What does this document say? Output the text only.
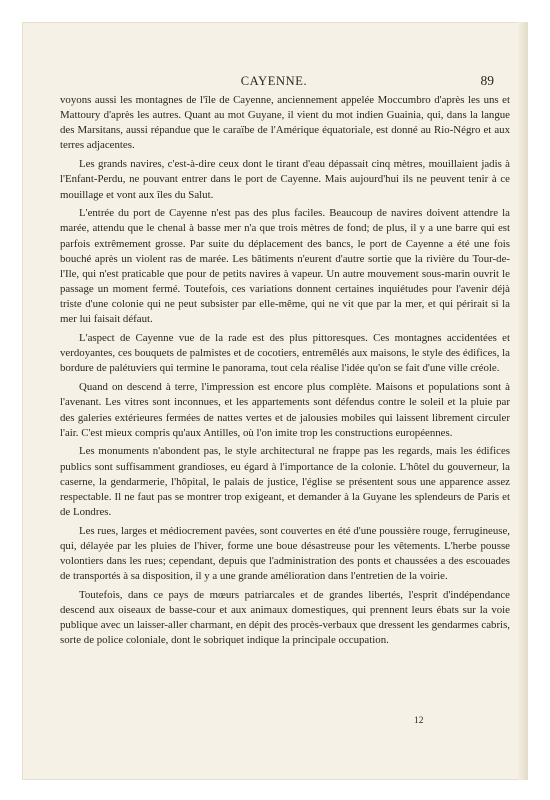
CAYENNE.	89

voyons aussi les montagnes de l'île de Cayenne, anciennement appelée Moccumbro d'après les uns et Mattoury d'après les autres. Quant au mot Guyane, il vient du mot indien Guainia, qui, dans la langue des Marsitans, aussi répandue que le caraïbe de l'Amérique équatoriale, est donné au Rio-Négro et aux terres adjacentes.

Les grands navires, c'est-à-dire ceux dont le tirant d'eau dépassait cinq mètres, mouillaient jadis à l'Enfant-Perdu, ne pouvant entrer dans le port de Cayenne. Mais aujourd'hui ils ne peuvent tenir à ce mouillage et vont aux îles du Salut.

L'entrée du port de Cayenne n'est pas des plus faciles. Beaucoup de navires doivent attendre la marée, attendu que le chenal à basse mer n'a que trois mètres de fond; de plus, il y a une barre qui est parfois extrêmement grosse. Par suite du déplacement des bancs, le port de Cayenne a été une fois bouché après un violent ras de marée. Les bâtiments n'eurent d'autre sortie que la rivière du Tour-de-l'Ile, qui n'est praticable que pour de petits navires à vapeur. Un autre mouvement sous-marin ouvrit le passage un moment fermé. Toutefois, ces variations donnent certaines inquiétudes pour l'avenir déjà triste d'une colonie qui ne peut subsister par elle-même, qui ne vit que par la mer, et qui périrait si la mer lui faisait défaut.

L'aspect de Cayenne vue de la rade est des plus pittoresques. Ces montagnes accidentées et verdoyantes, ces bouquets de palmistes et de cocotiers, entremêlés aux maisons, le style des édifices, la bordure de palétuviers qui termine le panorama, tout cela réalise l'idée qu'on se fait d'une ville créole.

Quand on descend à terre, l'impression est encore plus complète. Maisons et populations sont à l'avenant. Les vitres sont inconnues, et les appartements sont défendus contre le soleil et la pluie par des galeries extérieures fermées de nattes vertes et de jalousies mobiles qui laissent librement circuler l'air. C'est mieux compris qu'aux Antilles, où l'on imite trop les constructions européennes.

Les monuments n'abondent pas, le style architectural ne frappe pas les regards, mais les édifices publics sont suffisamment grandioses, eu égard à l'importance de la colonie. L'hôtel du gouverneur, la caserne, la gendarmerie, l'hôpital, le palais de justice, l'église se présentent sous une apparence assez respectable. Il ne faut pas se montrer trop exigeant, et demander à la Guyane les splendeurs de Paris et de Londres.

Les rues, larges et médiocrement pavées, sont couvertes en été d'une poussière rouge, ferrugineuse, qui, délayée par les pluies de l'hiver, forme une boue désastreuse pour les vêtements. L'herbe pousse volontiers dans les rues; cependant, depuis que l'administration des ponts et chaussées a des escouades de transportés à sa disposition, il y a une grande amélioration dans l'entretien de la voirie.

Toutefois, dans ce pays de mœurs patriarcales et de grandes libertés, l'esprit d'indépendance descend aux oiseaux de basse-cour et aux animaux domestiques, qui prennent leurs ébats sur la voie publique avec un laisser-aller charmant, en dépit des procès-verbaux que dressent les gendarmes cabris, sorte de police coloniale, dont le sobriquet indique la principale occupation.

12
